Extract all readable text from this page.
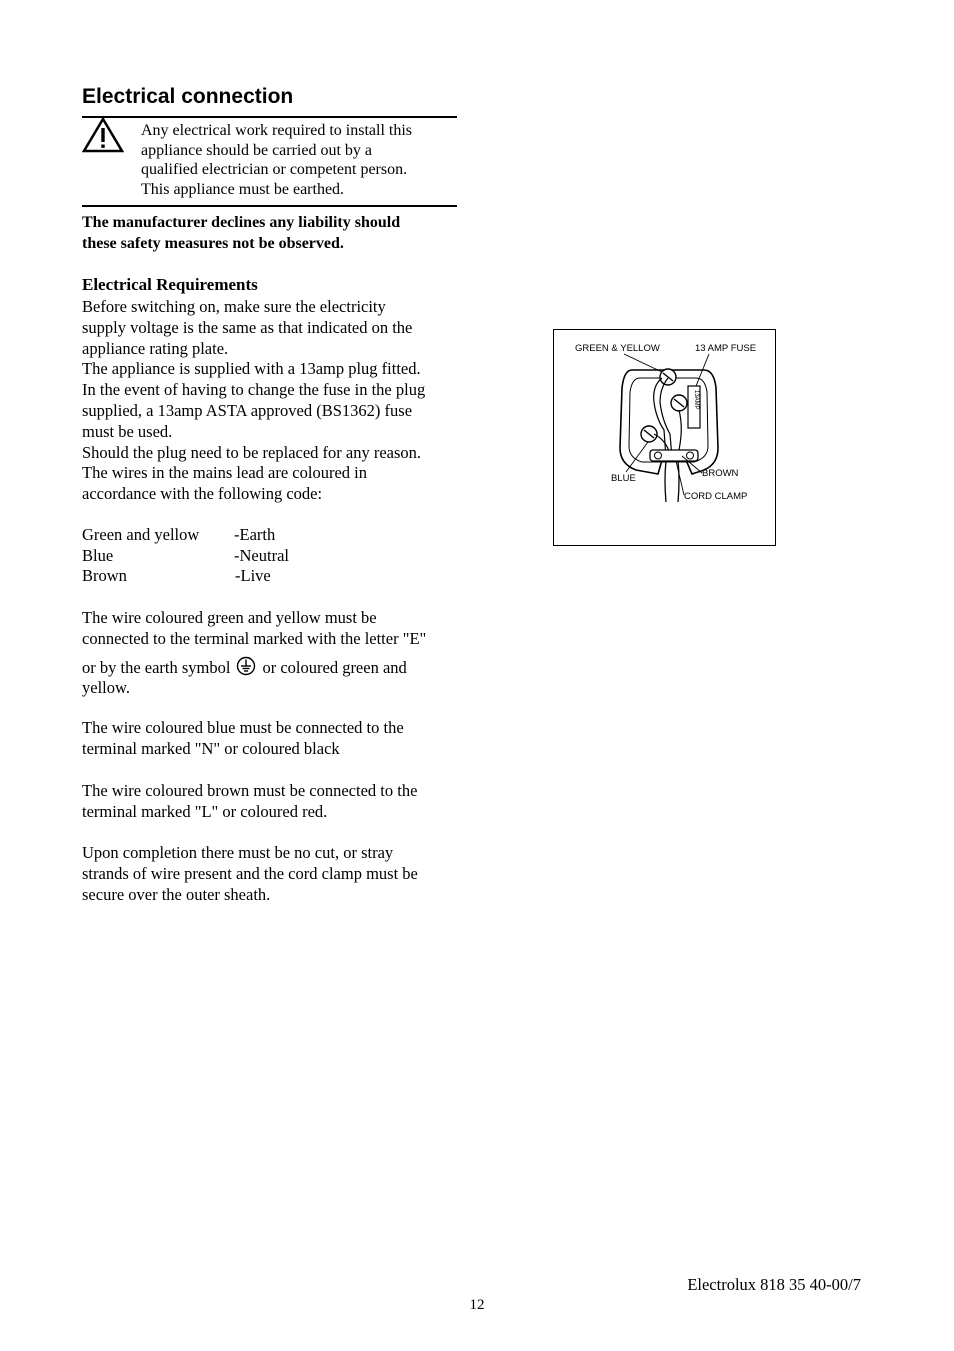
Electrical connection
Any electrical work required to install this
appliance should be carried out by a
qualified electrician or competent person.
This appliance must be earthed.
The manufacturer declines any liability should
these safety measures not be observed.
Electrical Requirements
Before switching on, make sure the electricity
supply voltage is the same as that indicated on the
appliance rating plate.
The appliance is supplied with a 13amp plug fitted.
In the event of having to change the fuse in the plug
supplied, a 13amp ASTA approved (BS1362) fuse
must be used.
Should the plug need to be replaced for any reason.
The wires in the mains lead are coloured in
accordance with the following code:
Green and yellow -Earth
Blue	-Neutral
Brown	-Live
The wire coloured green and yellow must be
connected to the terminal marked with the letter "E"
or by the earth symbol or coloured green and
yellow.
The wire coloured blue must be connected to the
terminal marked "N" or coloured black
The wire coloured brown must be connected to the
terminal marked "L" or coloured red.
Upon completion there must be no cut, or stray
strands of wire present and the cord clamp must be
secure over the outer sheath.
13AMP
GREEN & YELLOW	13 AMP FUSE
BLUE	BROWN
CORD CLAMP
Electrolux 818 35 40-00/7
12
